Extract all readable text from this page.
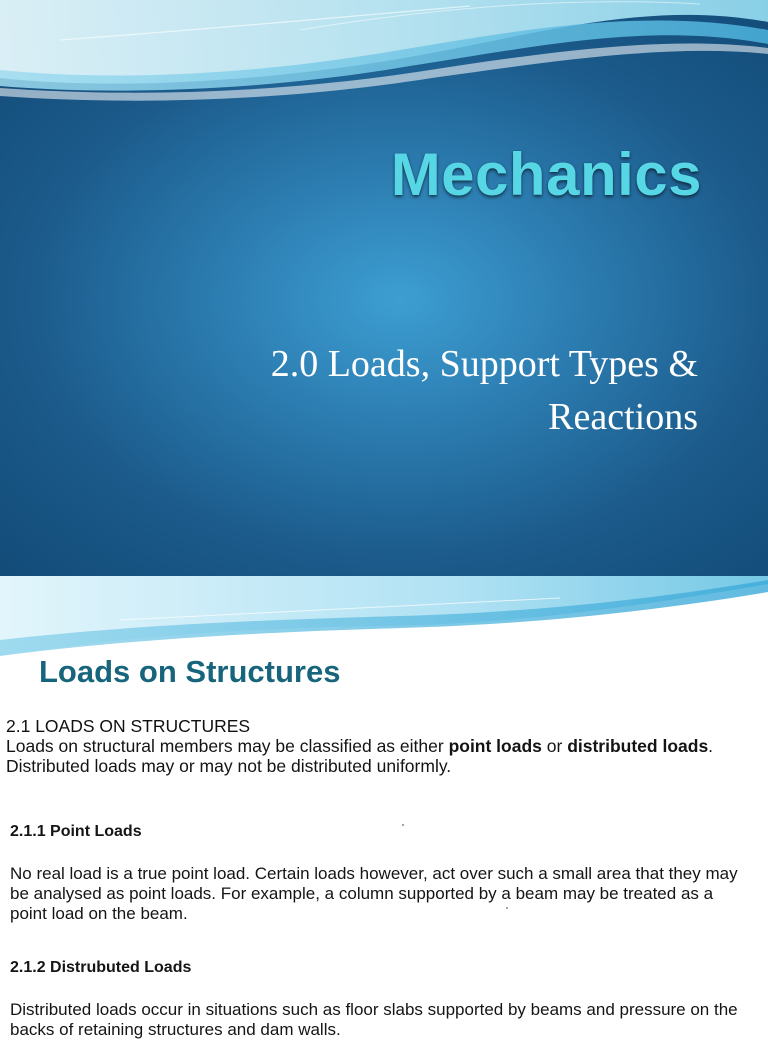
Mechanics
2.0 Loads, Support Types &
Reactions
Loads on Structures
2.1 LOADS ON STRUCTURES
Loads on structural members may be classified as either point loads or distributed loads.
Distributed loads may or may not be distributed uniformly.
2.1.1 Point Loads
No real load is a true point load. Certain loads however, act over such a small area that they may
be analysed as point loads. For example, a column supported by a beam may be treated as a
point load on the beam.
2.1.2 Distrubuted Loads
Distributed loads occur in situations such as floor slabs supported by beams and pressure on the
backs of retaining structures and dam walls.
